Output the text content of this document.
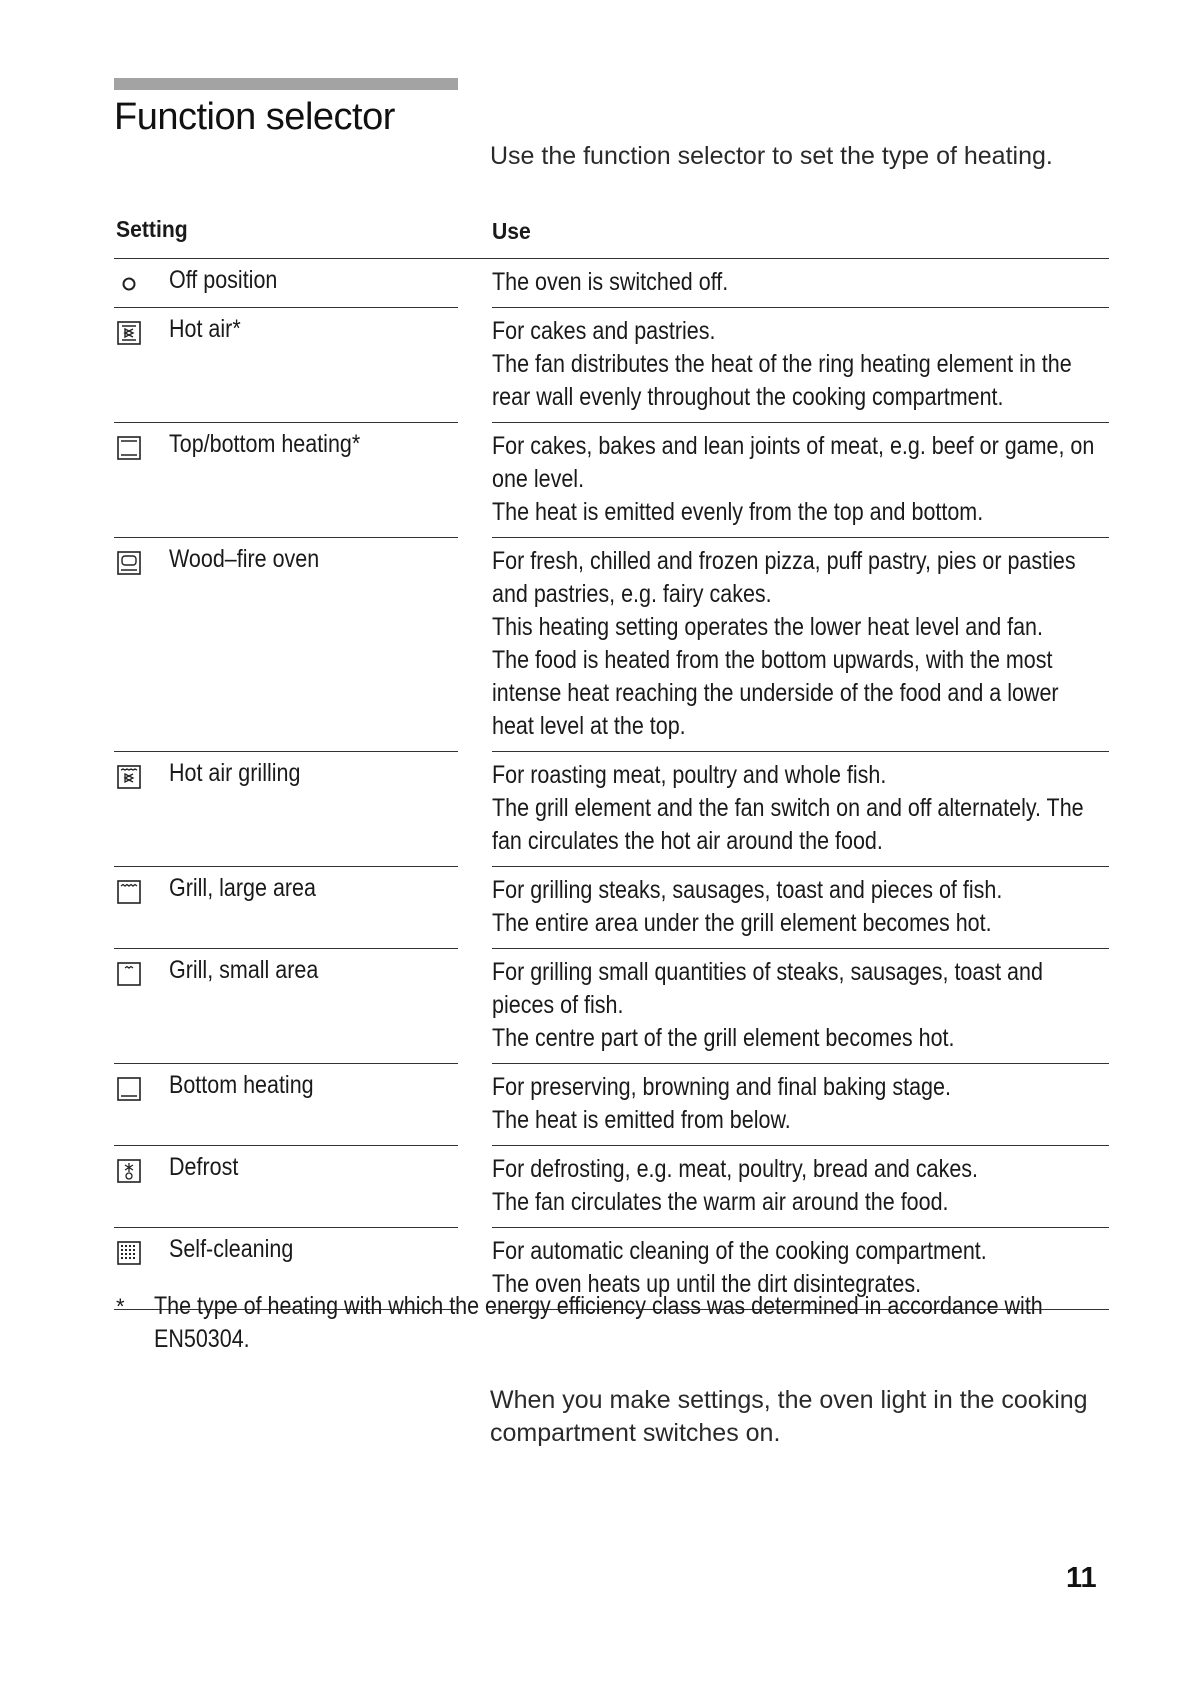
Function selector

Use the function selector to set the type of heating.

Setting	Use
Off position	The oven is switched off.
Hot air*	For cakes and pastries.
The fan distributes the heat of the ring heating element in the
rear wall evenly throughout the cooking compartment.
Top/bottom heating*	For cakes, bakes and lean joints of meat, e.g. beef or game, on
one level.
The heat is emitted evenly from the top and bottom.
Wood–fire oven	For fresh, chilled and frozen pizza, puff pastry, pies or pasties
and pastries, e.g. fairy cakes.
This heating setting operates the lower heat level and fan.
The food is heated from the bottom upwards, with the most
intense heat reaching the underside of the food and a lower
heat level at the top.
Hot air grilling	For roasting meat, poultry and whole fish.
The grill element and the fan switch on and off alternately. The
fan circulates the hot air around the food.
Grill, large area	For grilling steaks, sausages, toast and pieces of fish.
The entire area under the grill element becomes hot.
Grill, small area	For grilling small quantities of steaks, sausages, toast and
pieces of fish.
The centre part of the grill element becomes hot.
Bottom heating	For preserving, browning and final baking stage.
The heat is emitted from below.
Defrost	For defrosting, e.g. meat, poultry, bread and cakes.
The fan circulates the warm air around the food.
Self-cleaning	For automatic cleaning of the cooking compartment.
The oven heats up until the dirt disintegrates.
* The type of heating with which the energy efficiency class was determined in accordance with
EN50304.
When you make settings, the oven light in the cooking
compartment switches on.
11
